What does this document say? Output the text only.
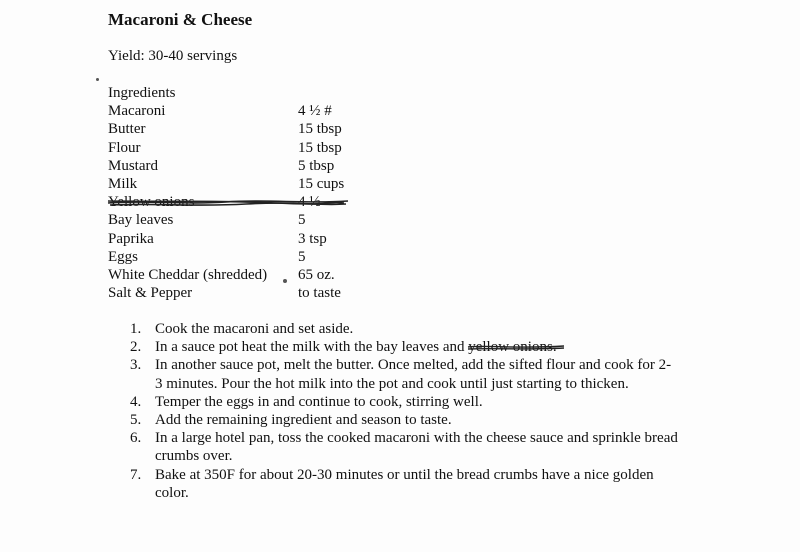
Macaroni & Cheese
Yield: 30-40 servings
Ingredients
Macaroni	4 ½ #
Butter	15 tbsp
Flour	15 tbsp
Mustard	5 tbsp
Milk	15 cups
Yellow onions	4 ½
Bay leaves	5
Paprika	3 tsp
Eggs	5
White Cheddar (shredded) 65 oz.
Salt & Pepper	to taste
1. Cook the macaroni and set aside.
2. In a sauce pot heat the milk with the bay leaves and yellow onions.
3. In another sauce pot, melt the butter. Once melted, add the sifted flour and cook for 2-3 minutes. Pour the hot milk into the pot and cook until just starting to thicken.
4. Temper the eggs in and continue to cook, stirring well.
5. Add the remaining ingredient and season to taste.
6. In a large hotel pan, toss the cooked macaroni with the cheese sauce and sprinkle bread crumbs over.
7. Bake at 350F for about 20-30 minutes or until the bread crumbs have a nice golden color.
